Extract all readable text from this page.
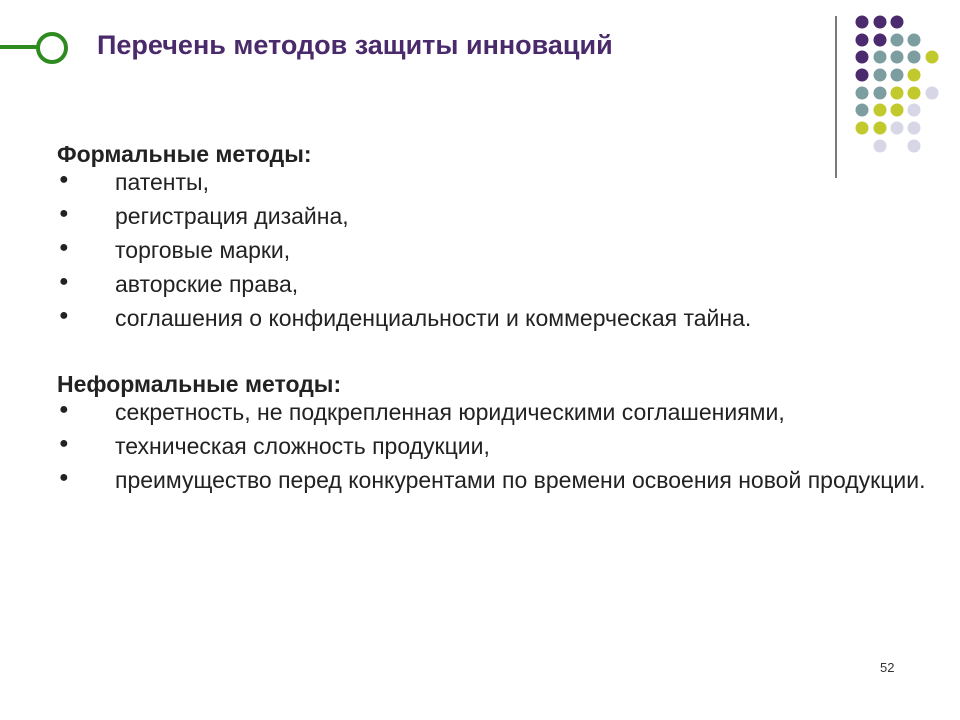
Перечень методов защиты инноваций

Формальные методы:

● патенты,
● регистрация дизайна,
● торговые марки,
● авторские права,
● соглашения о конфиденциальности и коммерческая тайна.

Неформальные методы:

● секретность, не подкрепленная юридическими соглашениями,
● техническая сложность продукции,
● преимущество перед конкурентами по времени освоения новой продукции.
52
